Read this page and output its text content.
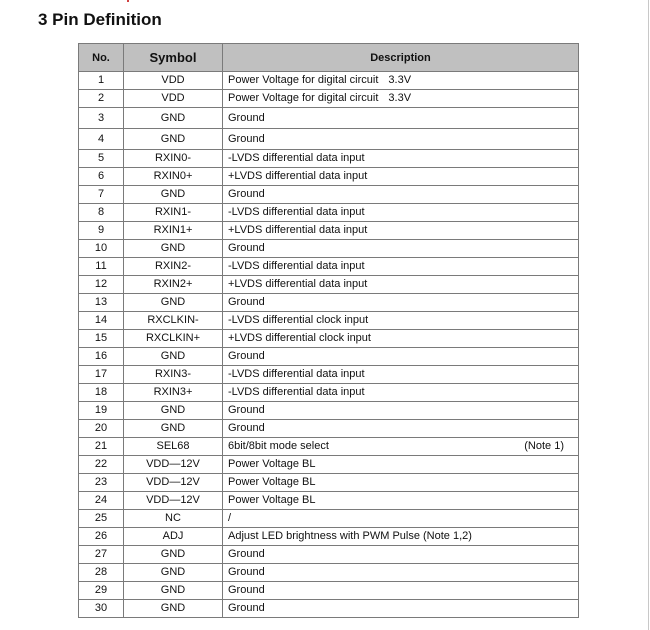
3 Pin Definition
No.	Symbol	Description
1	VDD	Power Voltage for digital circuit 3.3V

2	VDD	Power Voltage for digital circuit 3.3V

3	GND	Ground

4	GND	Ground

5	RXIN0-	-LVDS differential data input

6	RXIN0+	+LVDS differential data input

7	GND	Ground

8	RXIN1-	-LVDS differential data input

9	RXIN1+	+LVDS differential data input

10	GND	Ground

11	RXIN2-	-LVDS differential data input

12	RXIN2+	+LVDS differential data input

13	GND	Ground

14	RXCLKIN-	-LVDS differential clock input

15	RXCLKIN+	+LVDS differential clock input

16	GND	Ground

17	RXIN3-	-LVDS differential data input

18	RXIN3+	-LVDS differential data input

19	GND	Ground

20	GND	Ground

21	SEL68	6bit/8bit mode select (Note 1)

22	VDD—12V	Power Voltage BL

23	VDD—12V	Power Voltage BL

24	VDD—12V	Power Voltage BL

25	NC	/

26	ADJ	Adjust LED brightness with PWM Pulse (Note 1,2)

27	GND	Ground

28	GND	Ground

29	GND	Ground

30	GND	Ground
